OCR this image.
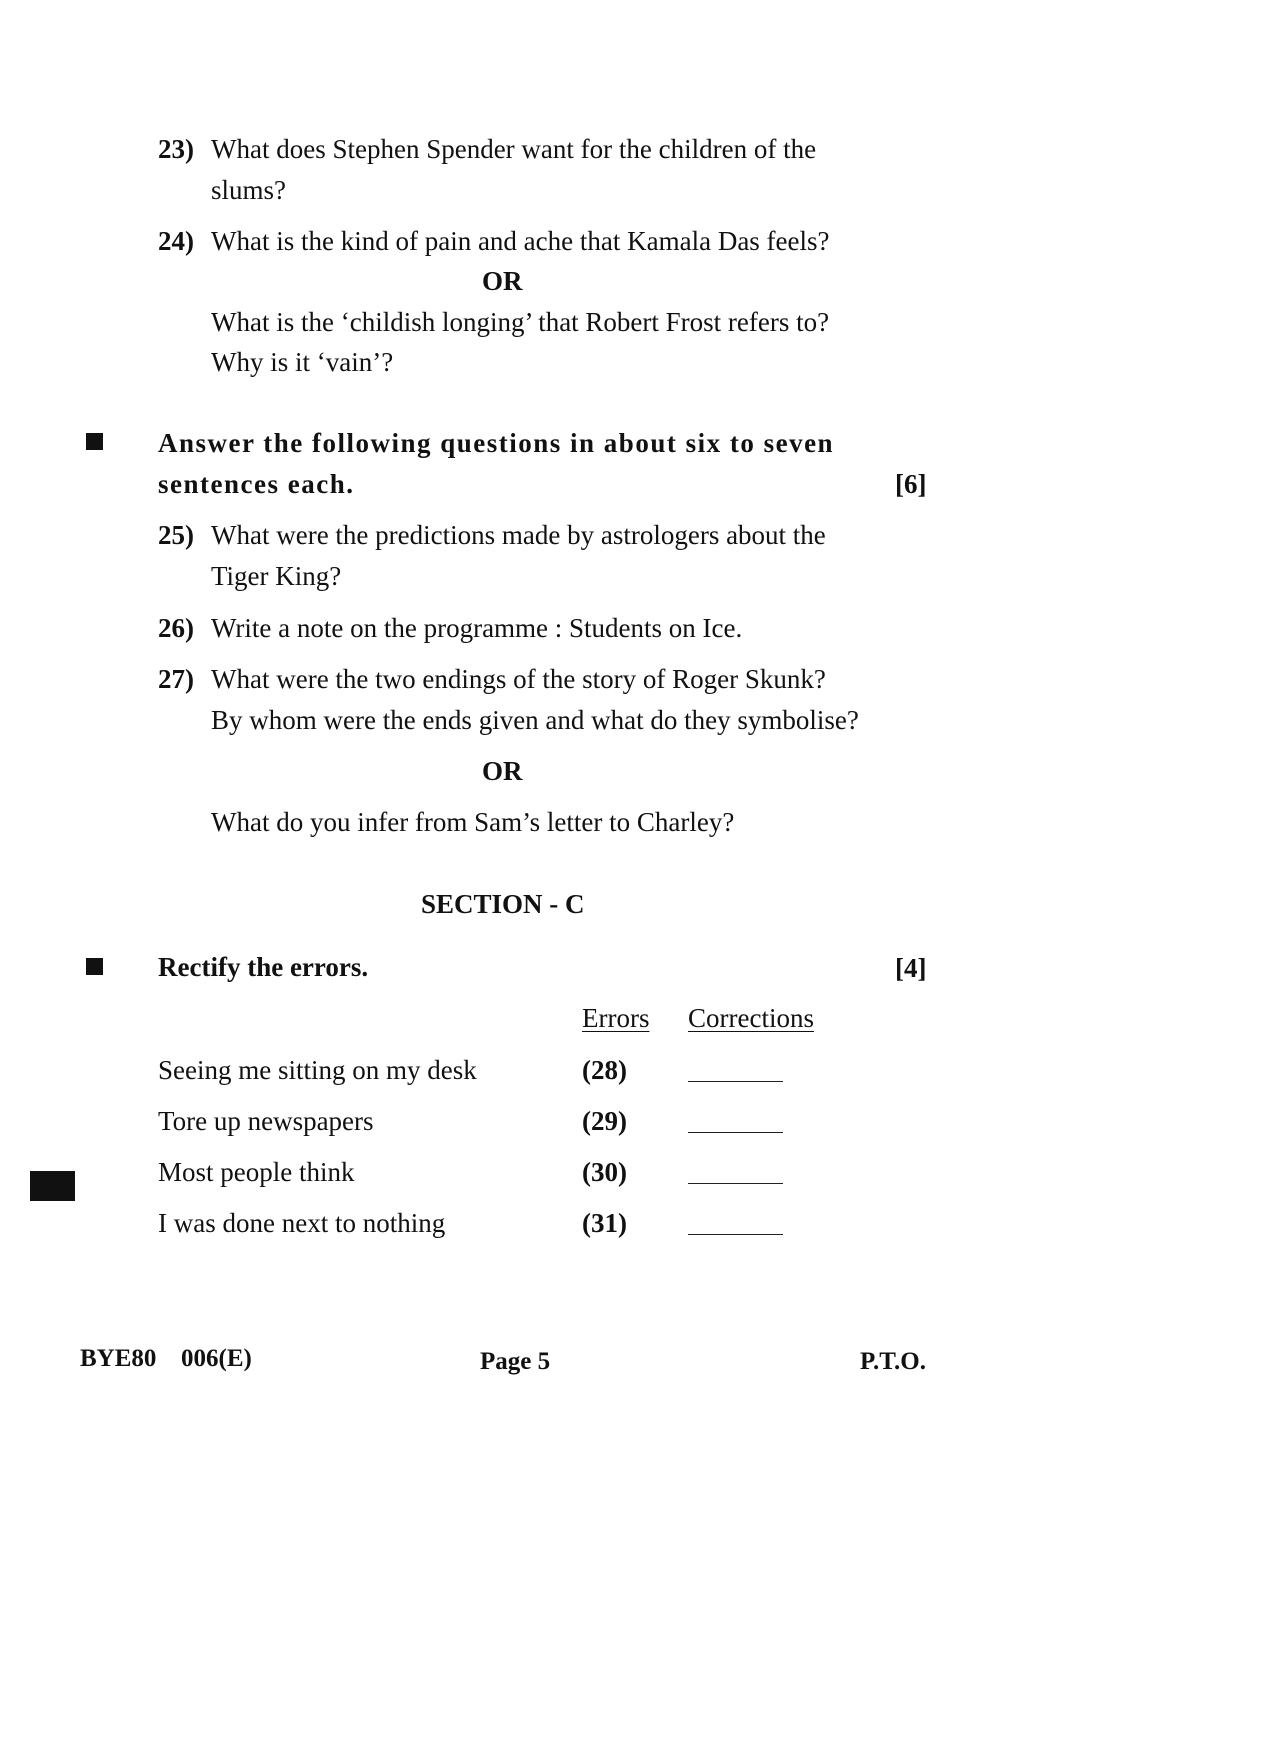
23) What does Stephen Spender want for the children of the
slums?
24) What is the kind of pain and ache that Kamala Das feels?
OR
What is the ‘childish longing’ that Robert Frost refers to?
Why is it ‘vain’?
Answer the following questions in about six to seven
sentences each.	[6]
25) What were the predictions made by astrologers about the
Tiger King?
26) Write a note on the programme : Students on Ice.
27) What were the two endings of the story of Roger Skunk?
By whom were the ends given and what do they symbolise?
OR
What do you infer from Sam’s letter to Charley?
SECTION - C
Rectify the errors.	[4]
Errors Corrections
Seeing me sitting on my desk	(28)
Tore up newspapers	(29)
Most people think	(30)
I was done next to nothing	(31)
BYE80 006(E)	Page 5	P.T.O.
